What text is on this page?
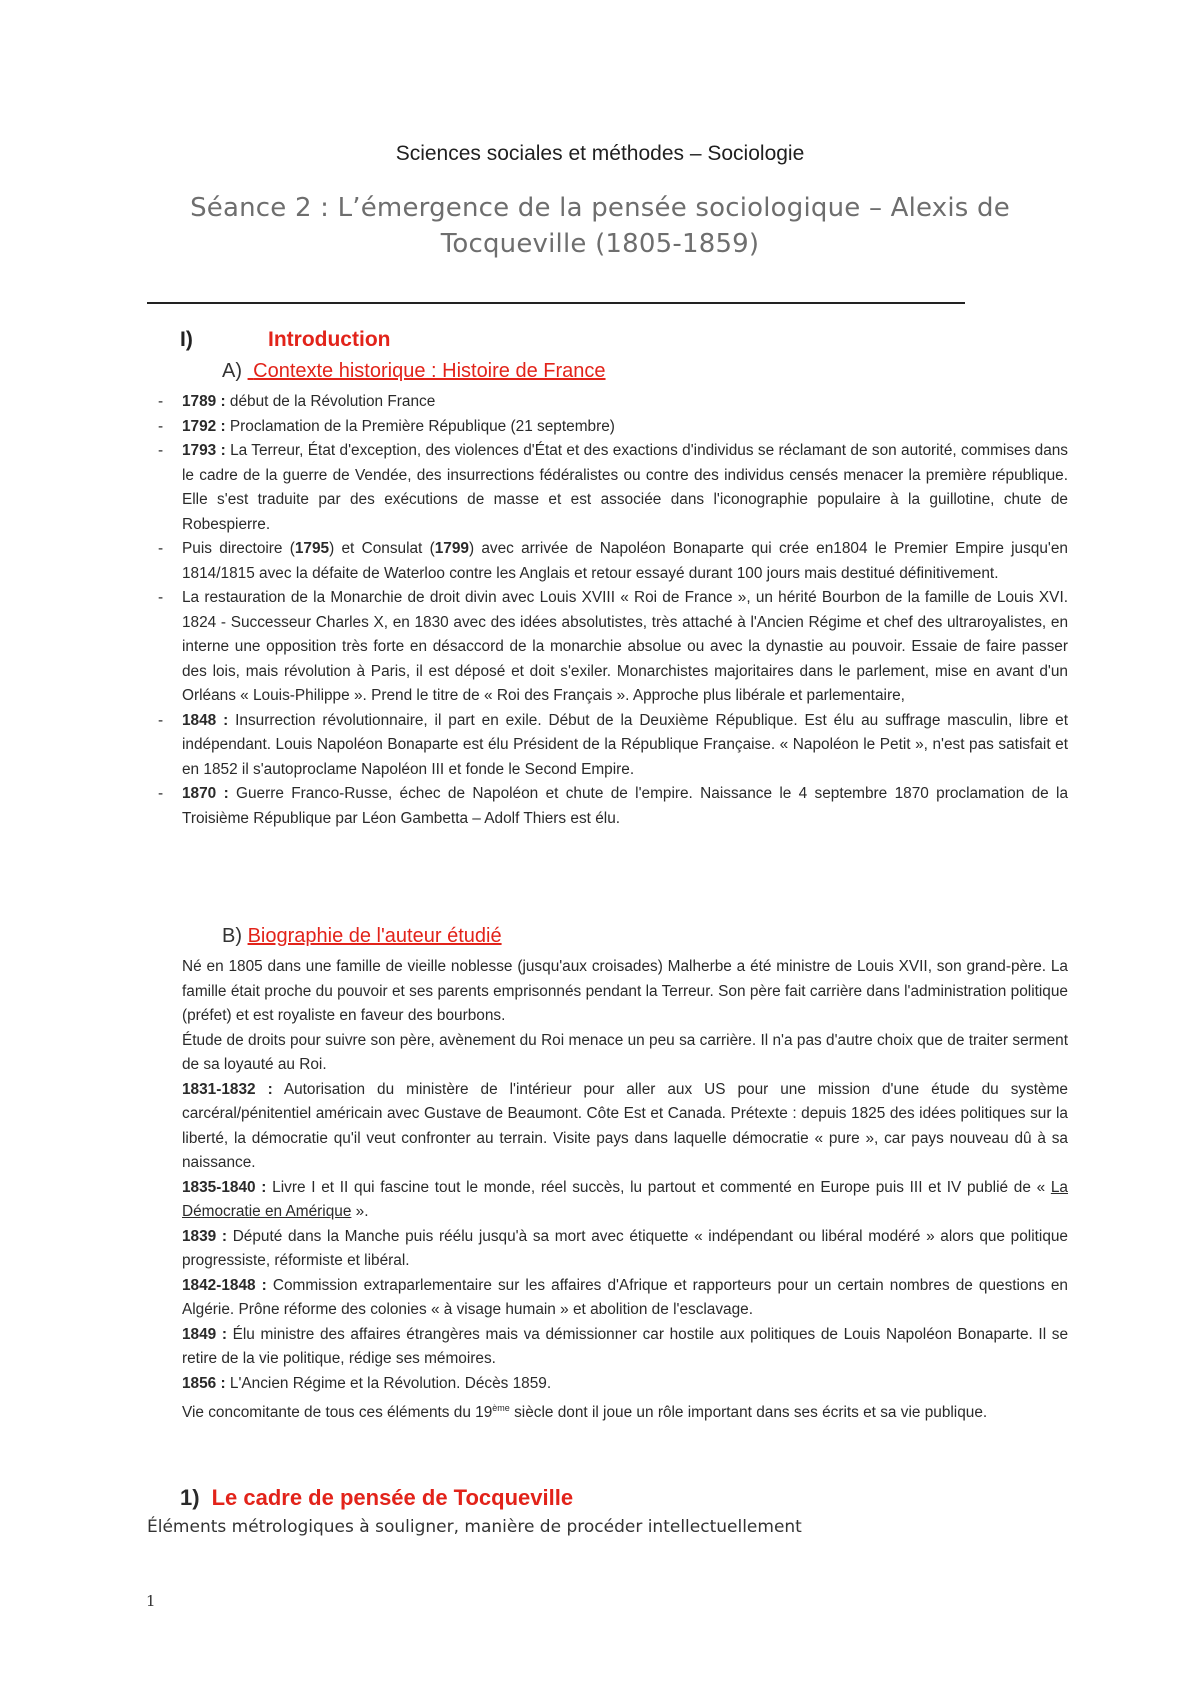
Sciences sociales et méthodes – Sociologie
Séance 2 : L’émergence de la pensée sociologique – Alexis de Tocqueville (1805-1859)
I)	Introduction
A) Contexte historique : Histoire de France
- 1789 : début de la Révolution France
- 1792 : Proclamation de la Première République (21 septembre)
- 1793 : La Terreur, État d'exception, des violences d'État et des exactions d'individus se réclamant de son autorité, commises dans le cadre de la guerre de Vendée, des insurrections fédéralistes ou contre des individus censés menacer la première république. Elle s'est traduite par des exécutions de masse et est associée dans l'iconographie populaire à la guillotine, chute de Robespierre.
- Puis directoire (1795) et Consulat (1799) avec arrivée de Napoléon Bonaparte qui crée en1804 le Premier Empire jusqu'en 1814/1815 avec la défaite de Waterloo contre les Anglais et retour essayé durant 100 jours mais destitué définitivement.
- La restauration de la Monarchie de droit divin avec Louis XVIII « Roi de France », un hérité Bourbon de la famille de Louis XVI. 1824 - Successeur Charles X, en 1830 avec des idées absolutistes, très attaché à l'Ancien Régime et chef des ultraroyalistes, en interne une opposition très forte en désaccord de la monarchie absolue ou avec la dynastie au pouvoir. Essaie de faire passer des lois, mais révolution à Paris, il est déposé et doit s'exiler. Monarchistes majoritaires dans le parlement, mise en avant d'un Orléans « Louis-Philippe ». Prend le titre de « Roi des Français ». Approche plus libérale et parlementaire,
- 1848 : Insurrection révolutionnaire, il part en exile. Début de la Deuxième République. Est élu au suffrage masculin, libre et indépendant. Louis Napoléon Bonaparte est élu Président de la République Française. « Napoléon le Petit », n'est pas satisfait et en 1852 il s'autoproclame Napoléon III et fonde le Second Empire.
- 1870 : Guerre Franco-Russe, échec de Napoléon et chute de l'empire. Naissance le 4 septembre 1870 proclamation de la Troisième République par Léon Gambetta – Adolf Thiers est élu.
B) Biographie de l'auteur étudié

Né en 1805 dans une famille de vieille noblesse (jusqu'aux croisades) Malherbe a été ministre de Louis XVII, son grand-père. La famille était proche du pouvoir et ses parents emprisonnés pendant la Terreur. Son père fait carrière dans l'administration politique (préfet) et est royaliste en faveur des bourbons.

Étude de droits pour suivre son père, avènement du Roi menace un peu sa carrière. Il n'a pas d'autre choix que de traiter serment de sa loyauté au Roi.

1831-1832 : Autorisation du ministère de l'intérieur pour aller aux US pour une mission d'une étude du système carcéral/pénitentiel américain avec Gustave de Beaumont. Côte Est et Canada. Prétexte : depuis 1825 des idées politiques sur la liberté, la démocratie qu'il veut confronter au terrain. Visite pays dans laquelle démocratie « pure », car pays nouveau dû à sa naissance.

1835-1840 : Livre I et II qui fascine tout le monde, réel succès, lu partout et commenté en Europe puis III et IV publié de « La Démocratie en Amérique ».

1839 : Député dans la Manche puis réélu jusqu'à sa mort avec étiquette « indépendant ou libéral modéré » alors que politique progressiste, réformiste et libéral.

1842-1848 : Commission extraparlementaire sur les affaires d'Afrique et rapporteurs pour un certain nombres de questions en Algérie. Prône réforme des colonies « à visage humain » et abolition de l'esclavage.

1849 : Élu ministre des affaires étrangères mais va démissionner car hostile aux politiques de Louis Napoléon Bonaparte. Il se retire de la vie politique, rédige ses mémoires.

1856 : L'Ancien Régime et la Révolution. Décès 1859.

Vie concomitante de tous ces éléments du 19ème siècle dont il joue un rôle important dans ses écrits et sa vie publique.

1) Le cadre de pensée de Tocqueville
Éléments métrologiques à souligner, manière de procéder intellectuellement
1
